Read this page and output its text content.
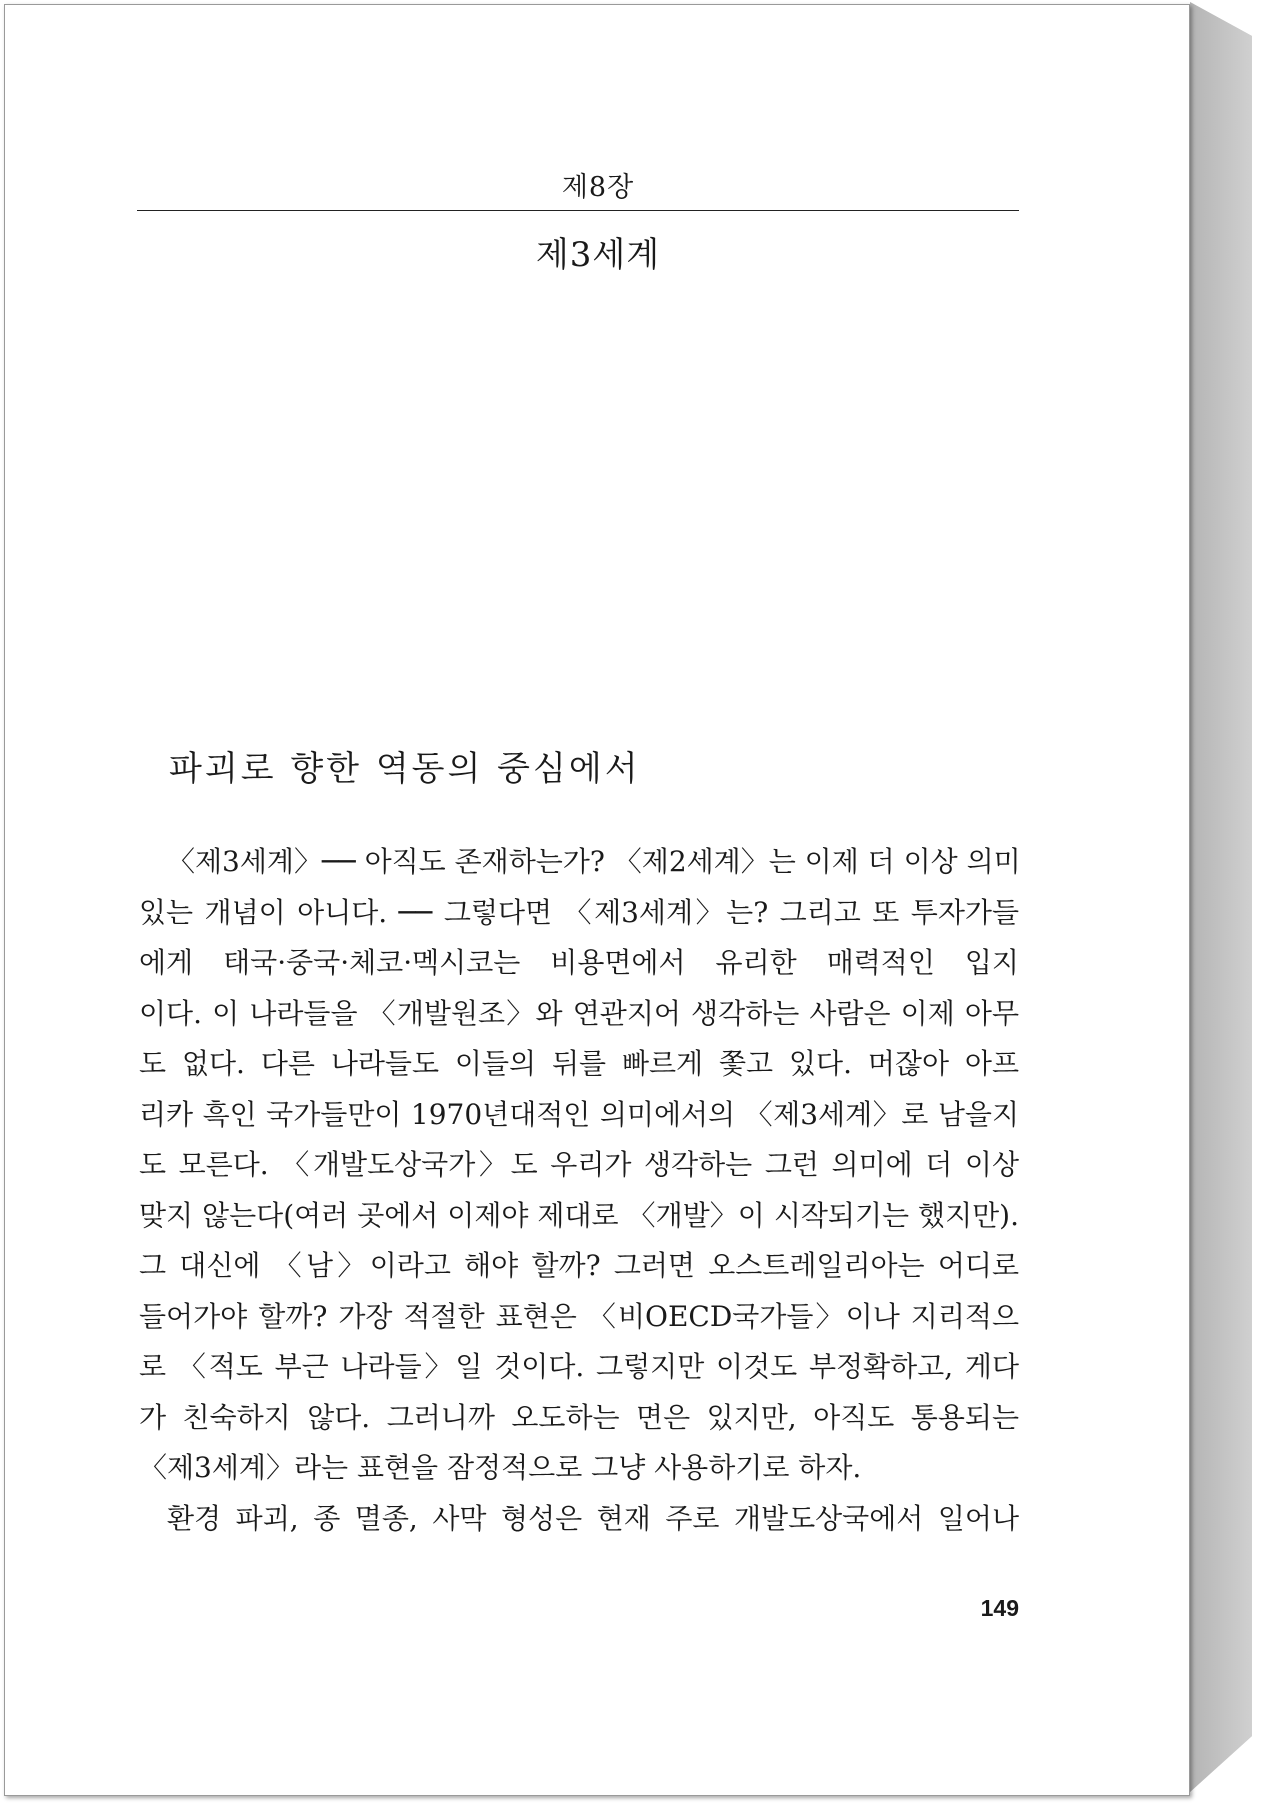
제8장
제3세계
파괴로 향한 역동의 중심에서
〈제3세계〉── 아직도 존재하는가? 〈제2세계〉는 이제 더 이상 의미
있는 개념이 아니다. ── 그렇다면 〈제3세계〉는? 그리고 또 투자가들
에게 태국·중국·체코·멕시코는 비용면에서 유리한 매력적인 입지
이다. 이 나라들을 〈개발원조〉와 연관지어 생각하는 사람은 이제 아무
도 없다. 다른 나라들도 이들의 뒤를 빠르게 쫓고 있다. 머잖아 아프
리카 흑인 국가들만이 1970년대적인 의미에서의 〈제3세계〉로 남을지
도 모른다. 〈개발도상국가〉도 우리가 생각하는 그런 의미에 더 이상
맞지 않는다(여러 곳에서 이제야 제대로 〈개발〉이 시작되기는 했지만).
그 대신에 〈남〉이라고 해야 할까? 그러면 오스트레일리아는 어디로
들어가야 할까? 가장 적절한 표현은 〈비OECD국가들〉이나 지리적으
로 〈적도 부근 나라들〉일 것이다. 그렇지만 이것도 부정확하고, 게다
가 친숙하지 않다. 그러니까 오도하는 면은 있지만, 아직도 통용되는
〈제3세계〉라는 표현을 잠정적으로 그냥 사용하기로 하자.
환경 파괴, 종 멸종, 사막 형성은 현재 주로 개발도상국에서 일어나
149
